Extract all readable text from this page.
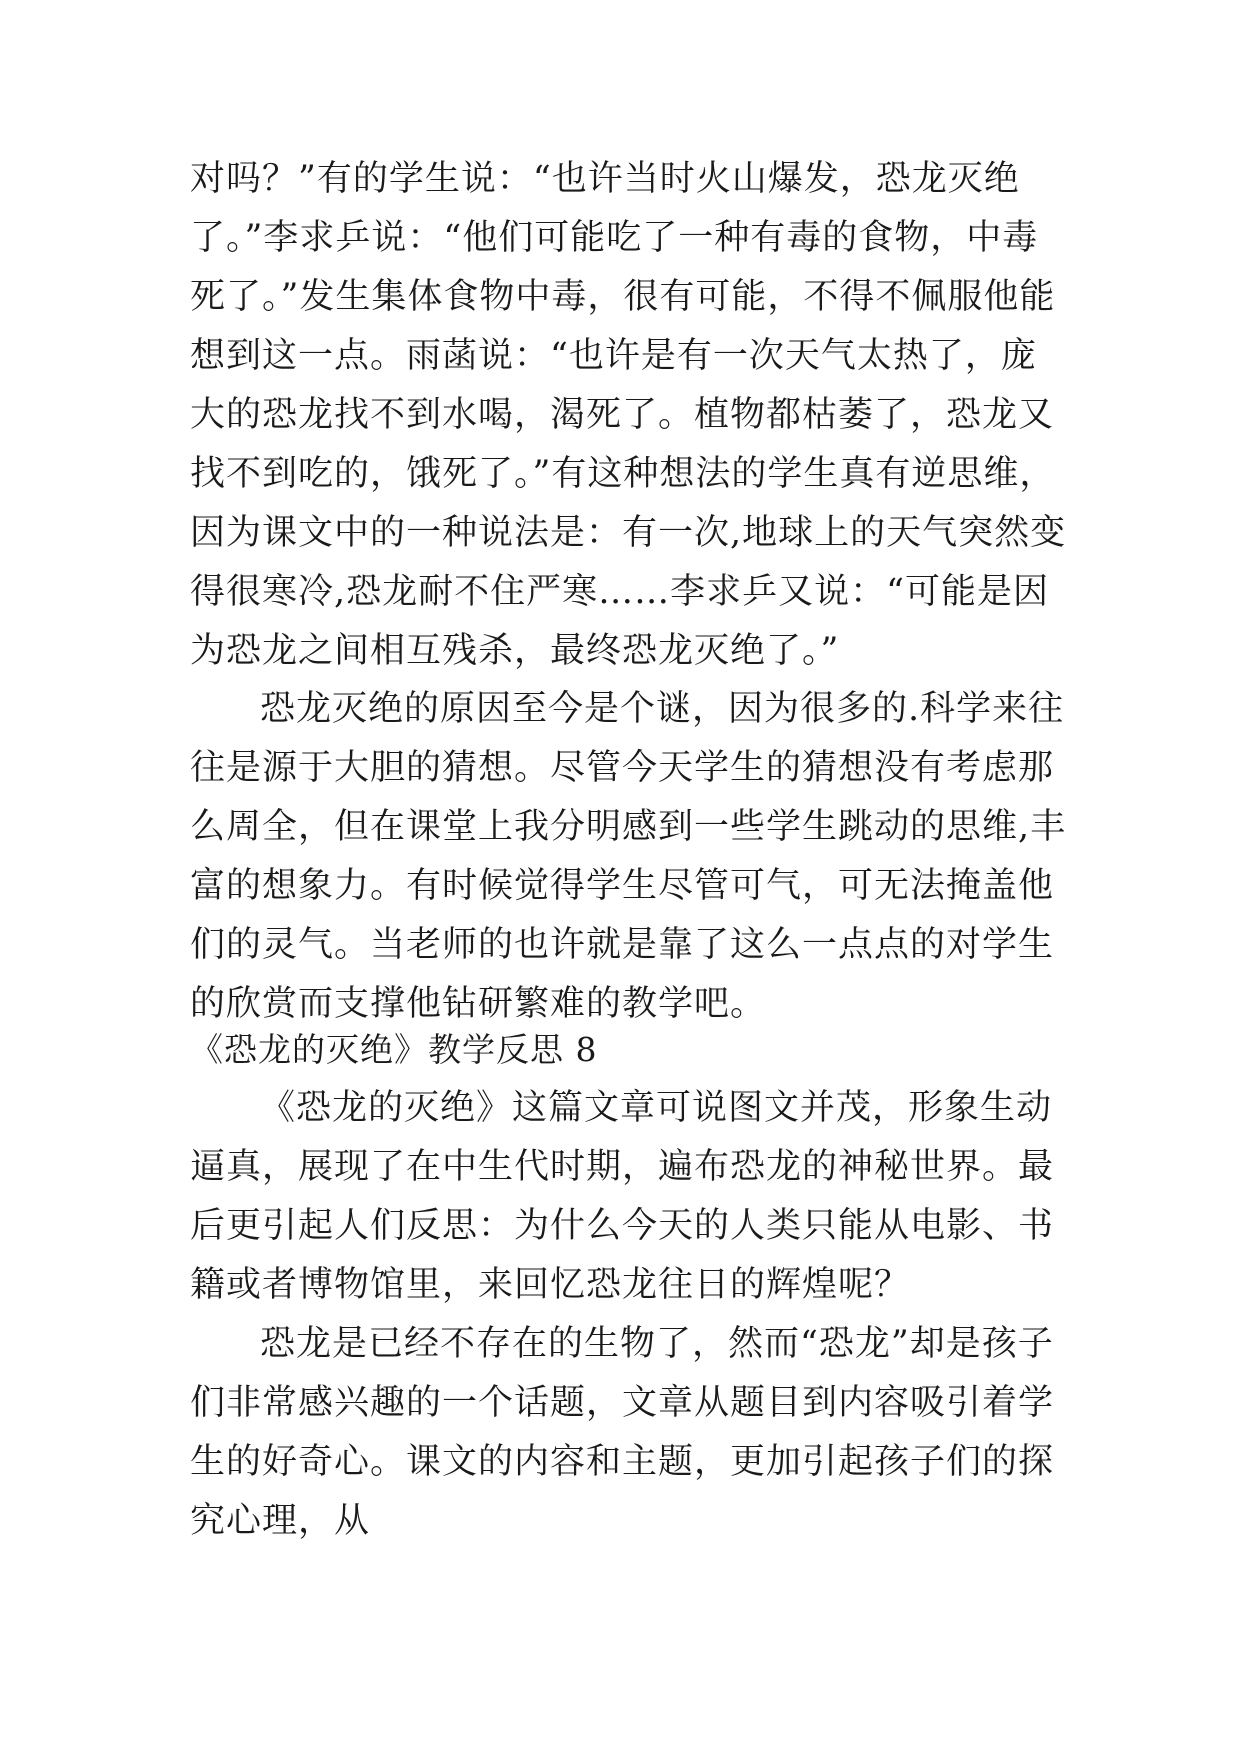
对吗？”有的学生说：“也许当时火山爆发，恐龙灭绝了。”李求乒说：“他们可能吃了一种有毒的食物，中毒死了。”发生集体食物中毒，很有可能，不得不佩服他能想到这一点。雨菡说：“也许是有一次天气太热了，庞大的恐龙找不到水喝，渴死了。植物都枯萎了，恐龙又找不到吃的，饿死了。”有这种想法的学生真有逆思维，因为课文中的一种说法是：有一次,地球上的天气突然变得很寒冷,恐龙耐不住严寒……李求乒又说：“可能是因为恐龙之间相互残杀，最终恐龙灭绝了。”

恐龙灭绝的原因至今是个谜，因为很多的.科学来往往是源于大胆的猜想。尽管今天学生的猜想没有考虑那么周全，但在课堂上我分明感到一些学生跳动的思维,丰富的想象力。有时候觉得学生尽管可气，可无法掩盖他们的灵气。当老师的也许就是靠了这么一点点的对学生的欣赏而支撑他钻研繁难的教学吧。

《恐龙的灭绝》教学反思 8

《恐龙的灭绝》这篇文章可说图文并茂，形象生动逼真，展现了在中生代时期，遍布恐龙的神秘世界。最后更引起人们反思：为什么今天的人类只能从电影、书籍或者博物馆里，来回忆恐龙往日的辉煌呢？

恐龙是已经不存在的生物了，然而“恐龙”却是孩子们非常感兴趣的一个话题，文章从题目到内容吸引着学生的好奇心。课文的内容和主题，更加引起孩子们的探究心理，从
